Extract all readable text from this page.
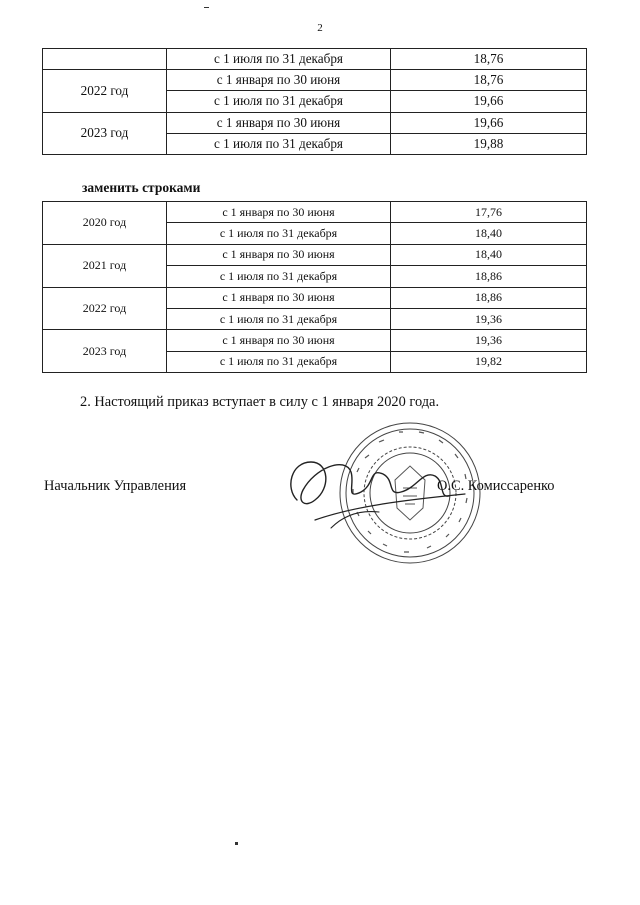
2
	с 1 июля по 31 декабря	18,76
2022 год	с 1 января по 30 июня	18,76
	с 1 июля по 31 декабря	19,66
2023 год	с 1 января по 30 июня	19,66
	с 1 июля по 31 декабря	19,88

заменить строками

2020 год	с 1 января по 30 июня	17,76
	с 1 июля по 31 декабря	18,40
2021 год	с 1 января по 30 июня	18,40
	с 1 июля по 31 декабря	18,86
2022 год	с 1 января по 30 июня	18,86
	с 1 июля по 31 декабря	19,36
2023 год	с 1 января по 30 июня	19,36
	с 1 июля по 31 декабря	19,82

2. Настоящий приказ вступает в силу с 1 января 2020 года.

Начальник Управления	О.С. Комиссаренко
